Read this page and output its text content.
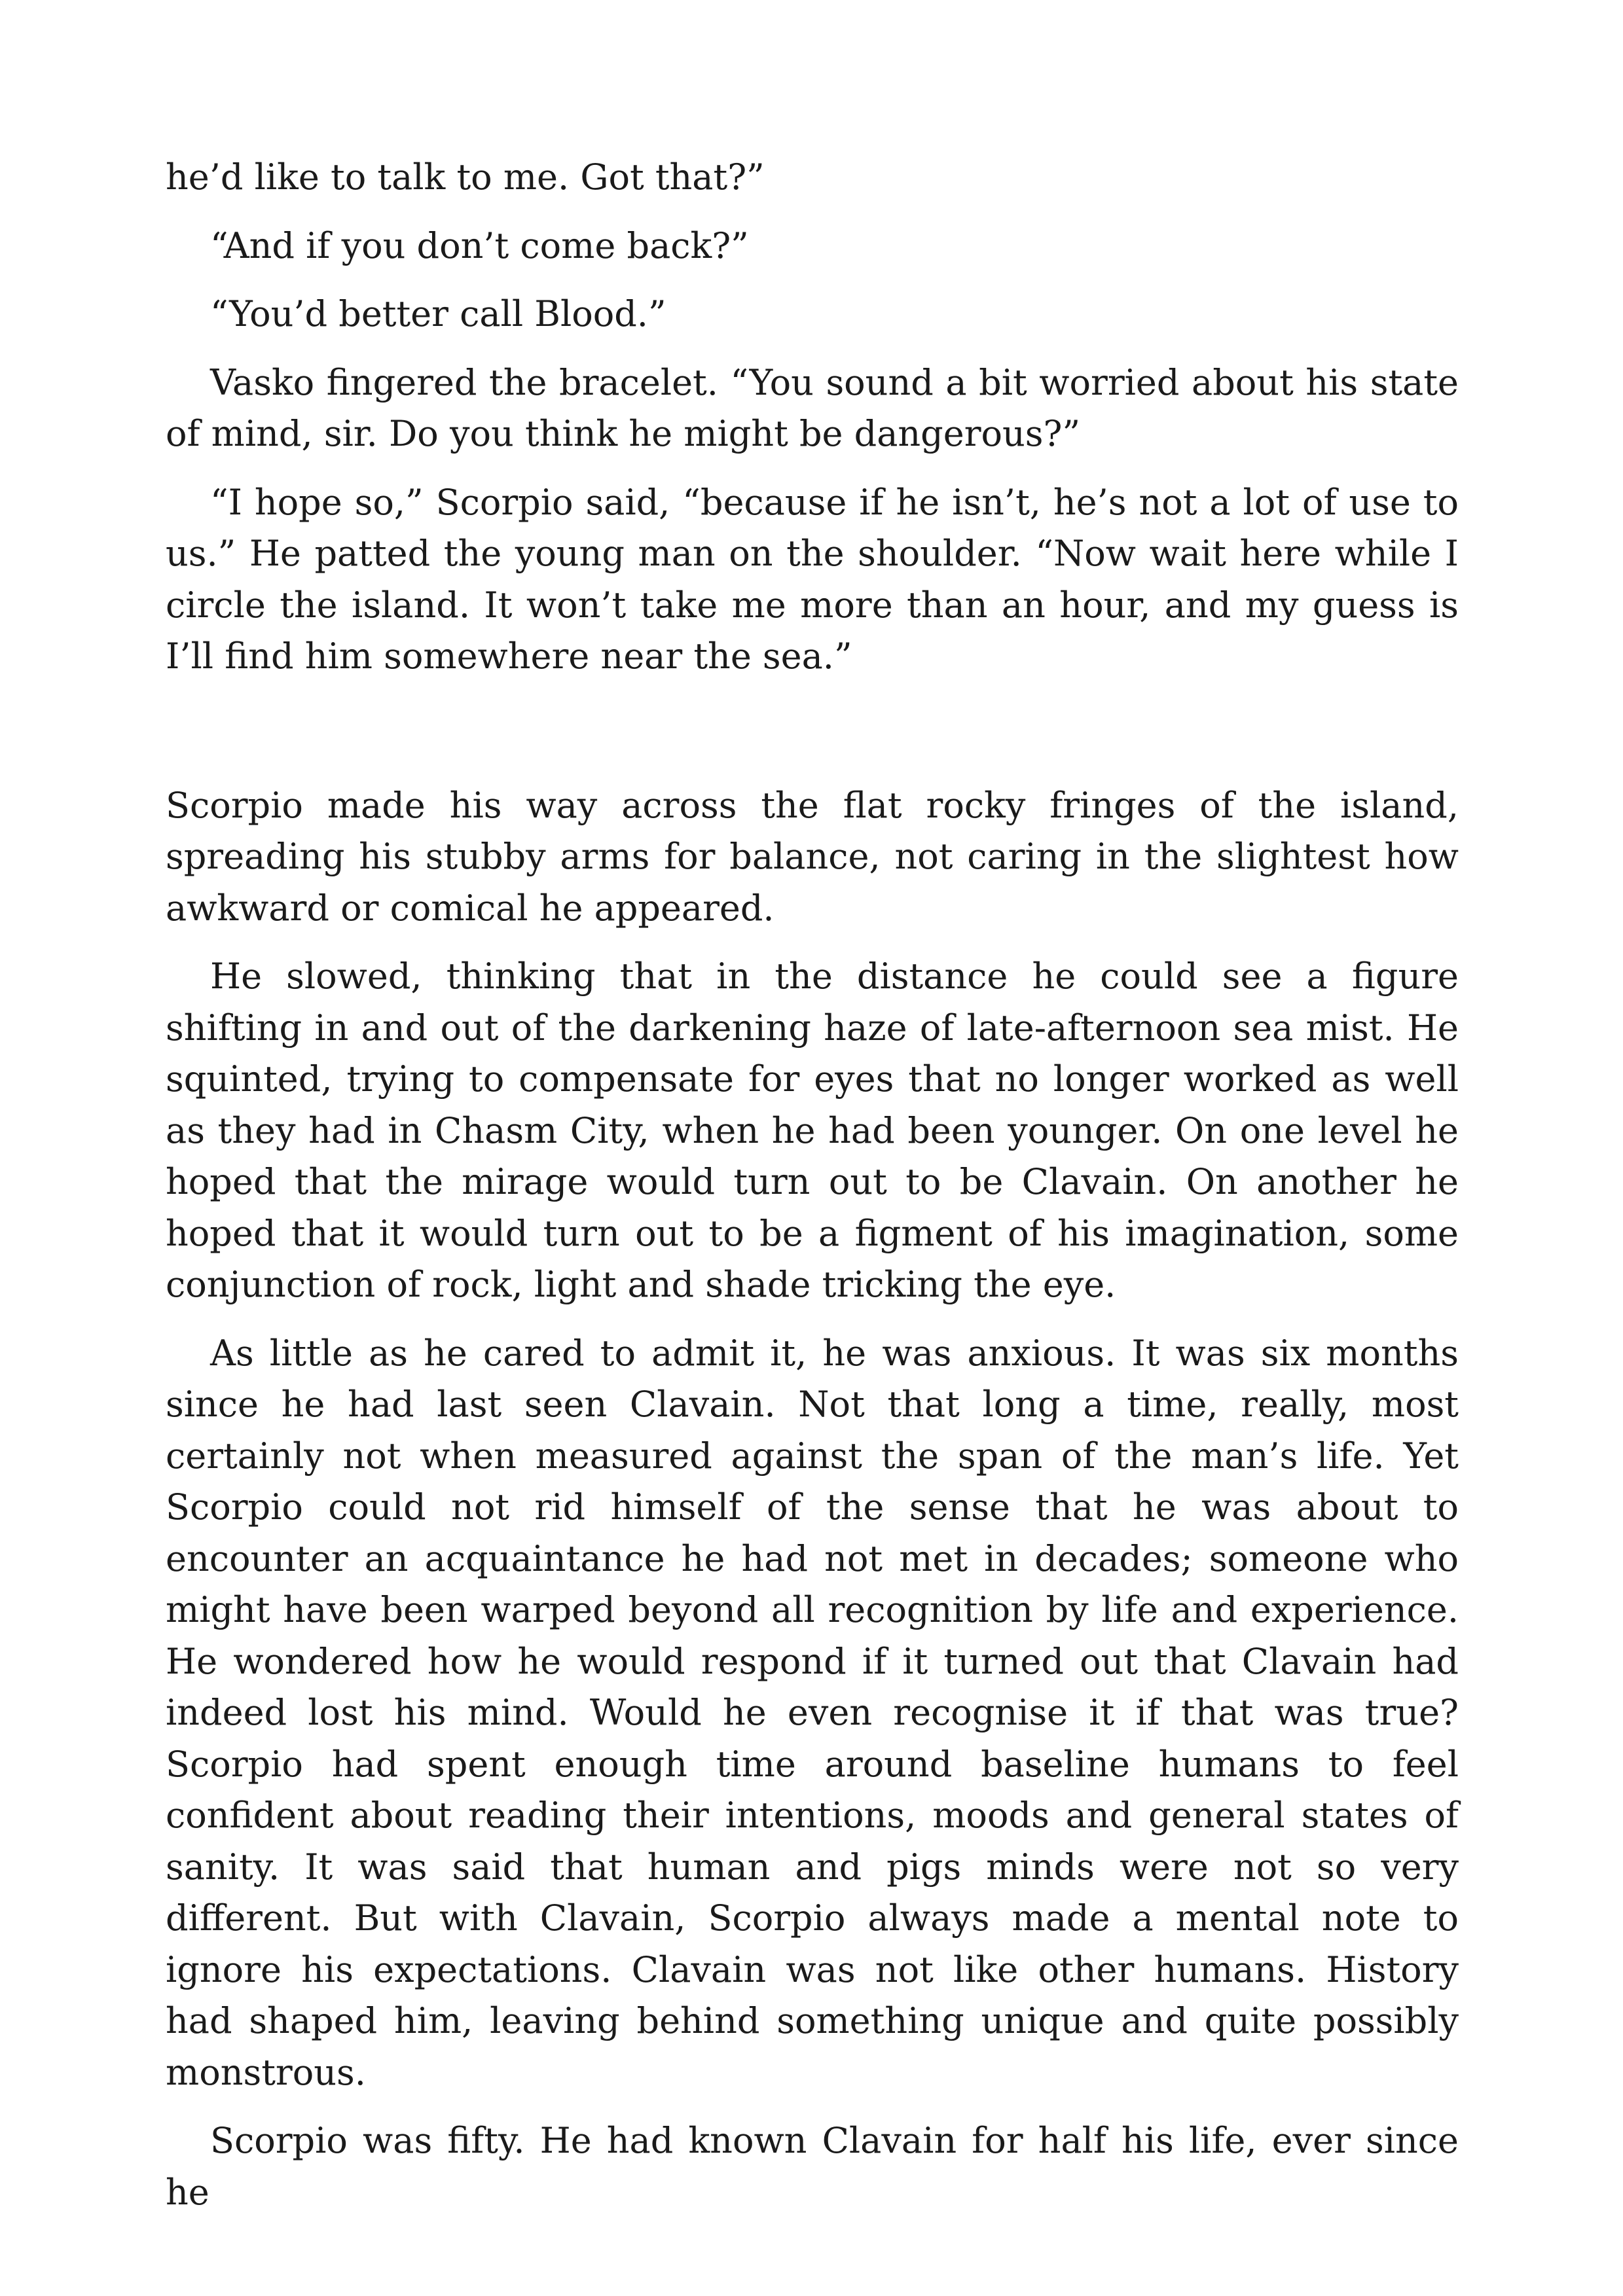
he’d like to talk to me. Got that?”

“And if you don’t come back?”

“You’d better call Blood.”

Vasko fingered the bracelet. “You sound a bit worried about his state of mind, sir. Do you think he might be dangerous?”

“I hope so,” Scorpio said, “because if he isn’t, he’s not a lot of use to us.” He patted the young man on the shoulder. “Now wait here while I circle the island. It won’t take me more than an hour, and my guess is I’ll find him somewhere near the sea.”

Scorpio made his way across the flat rocky fringes of the island, spreading his stubby arms for balance, not caring in the slightest how awkward or comical he appeared.

He slowed, thinking that in the distance he could see a figure shifting in and out of the darkening haze of late-afternoon sea mist. He squinted, trying to compensate for eyes that no longer worked as well as they had in Chasm City, when he had been younger. On one level he hoped that the mirage would turn out to be Clavain. On another he hoped that it would turn out to be a figment of his imagination, some conjunction of rock, light and shade tricking the eye.

As little as he cared to admit it, he was anxious. It was six months since he had last seen Clavain. Not that long a time, really, most certainly not when measured against the span of the man’s life. Yet Scorpio could not rid himself of the sense that he was about to encounter an acquaintance he had not met in decades; someone who might have been warped beyond all recognition by life and experience. He wondered how he would respond if it turned out that Clavain had indeed lost his mind. Would he even recognise it if that was true? Scorpio had spent enough time around baseline humans to feel confident about reading their intentions, moods and general states of sanity. It was said that human and pigs minds were not so very different. But with Clavain, Scorpio always made a mental note to ignore his expectations. Clavain was not like other humans. History had shaped him, leaving behind something unique and quite possibly monstrous.

Scorpio was fifty. He had known Clavain for half his life, ever since he
